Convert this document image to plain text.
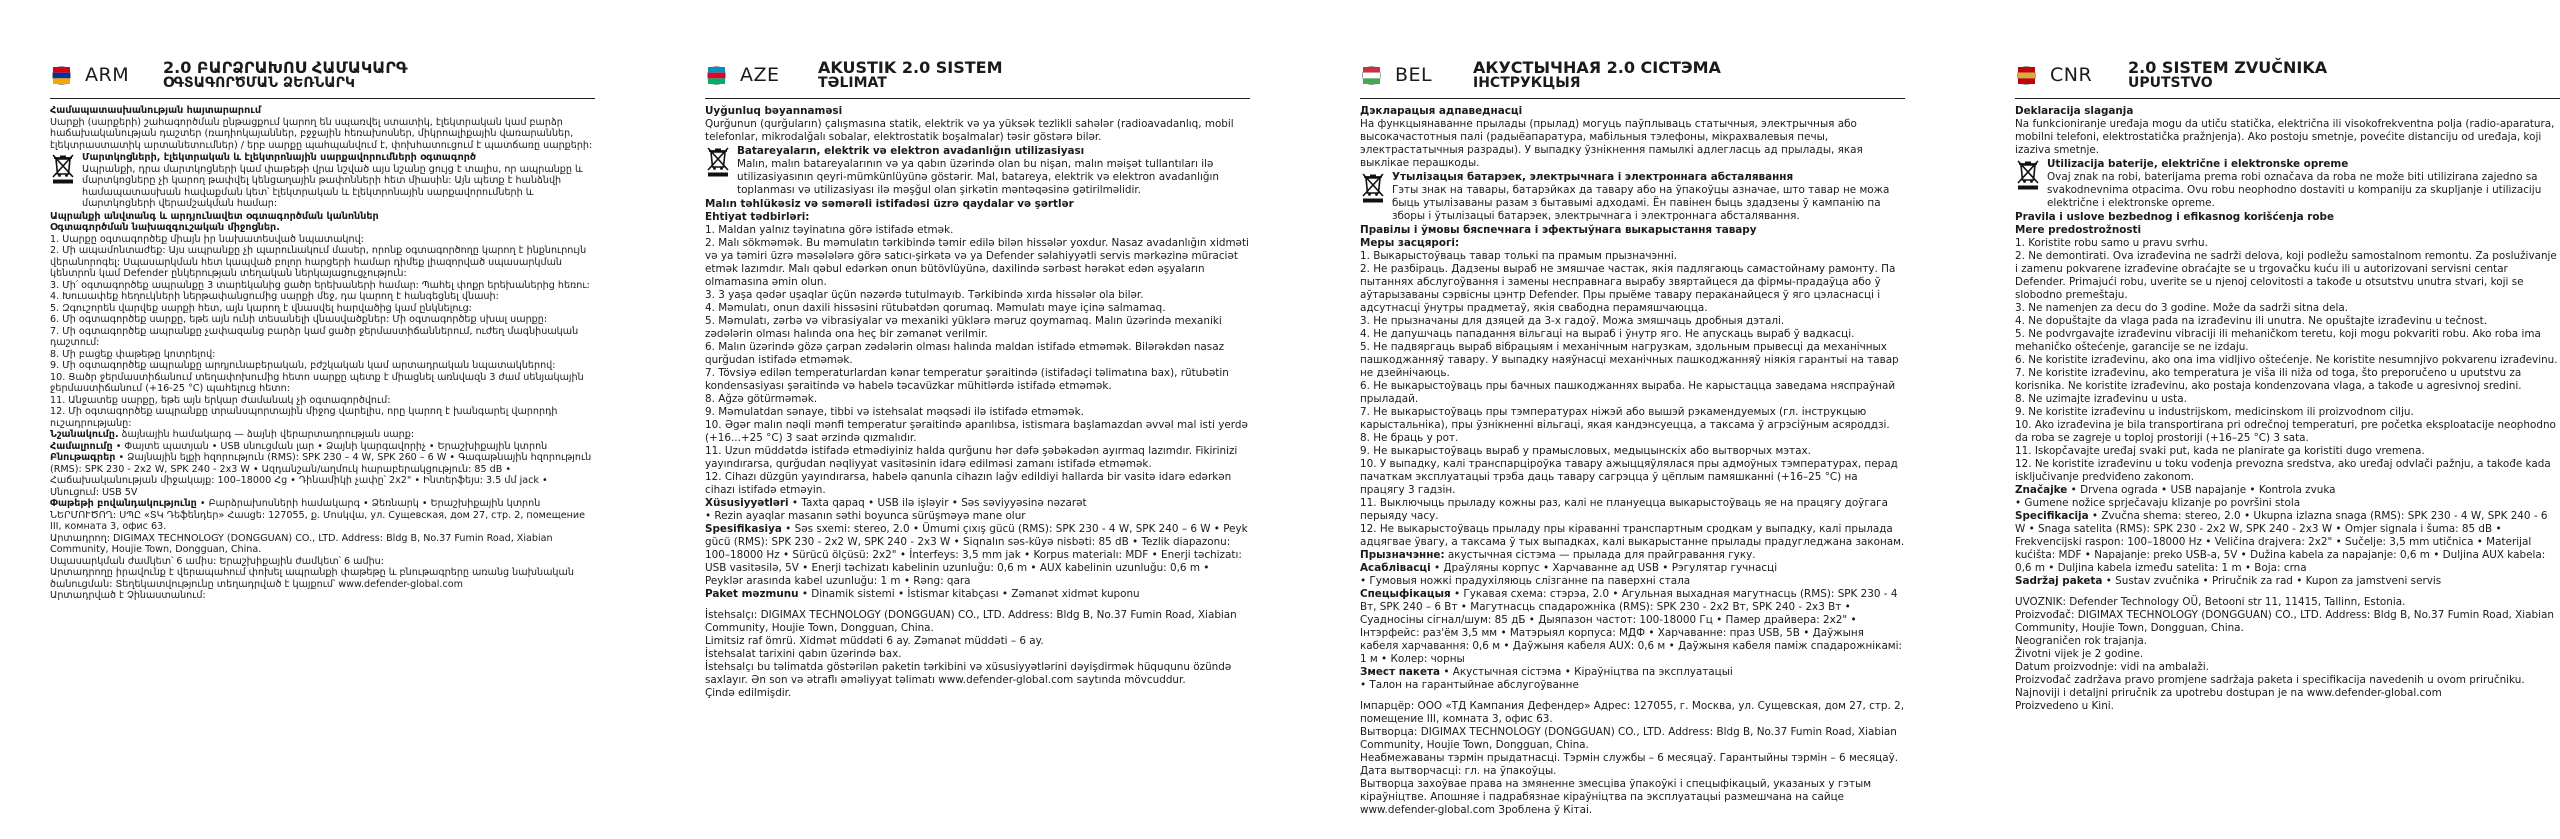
ARM	2.0 ԲԱՐՁՐԱԽՈՍ ՀԱՄԱԿԱՐԳ
ՕԳՏԱԳՈՐԾՄԱՆ ՁԵՌՆԱՐԿ
Համապատասխանության հայտարարում
Սարքի (սարքերի) շահագործման ընթացքում կարող են սպառվել ստատիկ, էլեկտրական կամ բարձր հաճախականության դաշտեր (ռադիոկայաններ, բջջային հեռախոսներ, միկրոալիքային վառարաններ, էլեկտրաստատիկ արտանետումներ) / երբ սարքը պահպանվում է, փոխհատուցում է պատճառը սարքերի:
Մարտկոցների, էլեկտրական և էլեկտրոնային սարքավորումների օգտագործ
Ապրանքի, դրա մարտկոցների կամ փաթեթի վրա նշված այս նշանը ցույց է տալիս, որ ապրանքը և մարտկոցները չի կարող թափվել կենցաղային թափոնների հետ միասին: Այն պետք է հանձնվի համապատասխան հավաքման կետ՝ էլեկտրական և էլեկտրոնային սարքավորումների և մարտկոցների վերամշակման համար:
Ապրանքի անվտանգ և արդյունավետ օգտագործման կանոններ
Օգտագործման նախազգուշական միջոցներ.
1. Սարքը օգտագործեք միայն իր նախատեսված նպատակով:
2. Մի ապամոնտաժեք: Այս ապրանքը չի պարունակում մասեր, որոնք օգտագործողը կարող է ինքնուրույն վերանորոգել: Սպասարկման հետ կապված բոլոր հարցերի համար դիմեք լիազորված սպասարկման կենտրոն կամ Defender ընկերության տեղական ներկայացուցչություն:
3. Մի՛ օգտագործեք ապրանքը 3 տարեկանից ցածր երեխաների համար: Պահել փոքր երեխաներից հեռու:
4. Խուսափեք հեղուկների ներթափանցումից սարքի մեջ, դա կարող է հանգեցնել վնասի:
5. Զգուշորեն վարվեք սարքի հետ, այն կարող է վնասվել հարվածից կամ ընկնելուց:
6. Մի օգտագործեք սարքը, եթե այն ունի տեսանելի վնասվածքներ: Մի օգտագործեք սխալ սարքը:
7. Մի օգտագործեք ապրանքը չափազանց բարձր կամ ցածր ջերմաստիճաններում, ուժեղ մագնիսական դաշտում:
8. Մի բացեք փաթեթը կոտրելով:
9. Մի օգտագործեք ապրանքը արդյունաբերական, բժշկական կամ արտադրական նպատակներով:
10. Ցածր ջերմաստիճանում տեղափոխումից հետո սարքը պետք է միացնել առնվազն 3 ժամ սենյակային ջերմաստիճանում (+16-25 °C) պահելուց հետո:
11. Անջատեք սարքը, եթե այն երկար ժամանակ չի օգտագործվում:
12. Մի օգտագործեք ապրանքը տրանսպորտային միջոց վարելիս, որը կարող է խանգարել վարորդի ուշադրությանը:
Նշանակումը. ձայնային համակարգ — ձայնի վերարտադրության սարք:
Համալրումը • Փայտե պատյան • USB սնուցման լար • Ձայնի կարգավորիչ • Երաշխիքային կտրոն
Բնութագրեր • Ձայնային ելքի հզորություն (RMS): SPK 230 – 4 W, SPK 260 – 6 W • Գագաթնային հզորություն (RMS): SPK 230 - 2x2 W, SPK 240 - 2x3 W • Ազդանշան/աղմուկ հարաբերակցություն: 85 dB • Հաճախականության միջակայք: 100–18000 Հց • Դինամիկի չափը՝ 2x2" • Ինտերֆեյս: 3.5 մմ jack • Սնուցում: USB 5V
Փաթեթի բովանդակությունը • Բարձրախոսների համակարգ • Ձեռնարկ • Երաշխիքային կտրոն
ՆԵՐՄՈՒԾՈՂ: ՍՊԸ «ՏԿ Դեֆենդեր» Հասցե: 127055, ք. Մոսկվա, ул. Сущевская, дом 27, стр. 2, помещение III, комната 3, офис 63.
Արտադրող: DIGIMAX TECHNOLOGY (DONGGUAN) CO., LTD. Address: Bldg B, No.37 Fumin Road, Xiabian Community, Houjie Town, Dongguan, China.
Սպասարկման ժամկետ՝ 6 ամիս: Երաշխիքային ժամկետ՝ 6 ամիս:
Արտադրողը իրավունք է վերապահում փոխել ապրանքի փաթեթը և բնութագրերը առանց նախնական ծանուցման: Տեղեկատվությունը տեղադրված է կայքում՝ www.defender-global.com
Արտադրված է Չինաստանում:
AZE	AKUSTIK 2.0 SISTEM
TƏLIMAT
Uyğunluq bəyannaməsi
Qurğunun (qurğuların) çalışmasına statik, elektrik və ya yüksək tezlikli sahələr (radioavadanlıq, mobil telefonlar, mikrodalğalı sobalar, elektrostatik boşalmalar) təsir göstərə bilər.
Batareyaların, elektrik və elektron avadanlığın utilizasiyası
Malın, malın batareyalarının və ya qabın üzərində olan bu nişan, malın məişət tullantıları ilə utilizasiyasının qeyri-mümkünlüyünə göstərir. Mal, batareya, elektrik və elektron avadanlığın toplanması və utilizasiyası ilə məşğul olan şirkətin məntəqəsinə gətirilməlidir.
Malın təhlükəsiz və səmərəli istifadəsi üzrə qaydalar və şərtlər
Ehtiyat tədbirləri:
1. Maldan yalnız təyinatına görə istifadə etmək.
2. Malı sökməmək. Bu məmulatın tərkibində təmir edilə bilən hissələr yoxdur. Nasaz avadanlığın xidməti və ya təmiri üzrə məsələlərə görə satıcı-şirkətə və ya Defender səlahiyyətli servis mərkəzinə müraciət etmək lazımdır. Malı qəbul edərkən onun bütövlüyünə, daxilində sərbəst hərəkət edən əşyaların olmamasına əmin olun.
3. 3 yaşa qədər uşaqlar üçün nəzərdə tutulmayıb. Tərkibində xırda hissələr ola bilər.
4. Məmulatı, onun daxili hissəsini rütubətdən qorumaq. Məmulatı maye içinə salmamaq.
5. Məmulatı, zərbə və vibrasiyalar və mexaniki yüklərə məruz qoymamaq. Malın üzərində mexaniki zədələrin olması halında ona heç bir zəmanət verilmir.
6. Malın üzərində gözə çarpan zədələrin olması halında maldan istifadə etməmək. Bilərəkdən nasaz qurğudan istifadə etməmək.
7. Tövsiyə edilən temperaturlardan kənar temperatur şəraitində (istifadəçi təlimatına bax), rütubətin kondensasiyası şəraitində və habelə təcavüzkar mühitlərdə istifadə etməmək.
8. Ağzə götürməmək.
9. Məmulatdan sənaye, tibbi və istehsalat məqsədi ilə istifadə etməmək.
10. Əgər malın nəqli mənfi temperatur şəraitində aparılıbsa, istismara başlamazdan əvvəl mal isti yerdə (+16...+25 °C) 3 saat ərzində qızmalıdır.
11. Uzun müddətdə istifadə etmədiyiniz halda qurğunu hər dəfə şəbəkədən ayırmaq lazımdır. Fikirinizi yayındırarsa, qurğudan nəqliyyat vasitəsinin idarə edilməsi zamanı istifadə etməmək.
12. Cihazı düzgün yayındırarsa, habelə qanunla cihazın lağv edildiyi hallarda bir vasitə idarə edərkən cihazı istifadə etməyin.
Xüsusiyyətləri • Taxta qapaq • USB ilə işləyir • Səs səviyyəsinə nəzarət
• Rezin ayaqlar masanın səthi boyunca sürüşməyə mane olur
Spesifikasiya • Səs sxemi: stereo, 2.0 • Ümumi çıxış gücü (RMS): SPK 230 - 4 W, SPK 240 – 6 W • Peyk gücü (RMS): SPK 230 - 2x2 W, SPK 240 - 2x3 W • Siqnalın səs-küyə nisbəti: 85 dB • Tezlik diapazonu: 100–18000 Hz • Sürücü ölçüsü: 2x2" • İnterfeys: 3,5 mm jak • Korpus materialı: MDF • Enerji təchizatı: USB vasitəsilə, 5V • Enerji təchizatı kabelinin uzunluğu: 0,6 m • AUX kabelinin uzunluğu: 0,6 m • Peyklər arasında kabel uzunluğu: 1 m • Rəng: qara
Paket məzmunu • Dinamik sistemi • İstismar kitabçası • Zəmanət xidmət kuponu
İstehsalçı: DIGIMAX TECHNOLOGY (DONGGUAN) CO., LTD. Address: Bldg B, No.37 Fumin Road, Xiabian Community, Houjie Town, Dongguan, China.
Limitsiz raf ömrü. Xidmət müddəti 6 ay. Zəmanət müddəti – 6 ay.
İstehsalat tarixini qabın üzərində bax.
İstehsalçı bu təlimatda göstərilən paketin tərkibini və xüsusiyyətlərini dəyişdirmək hüququnu özündə saxlayır. Ən son və ətraflı əməliyyat təlimatı www.defender-global.com saytında mövcuddur.
Çində edilmişdir.
BEL	АКУСТЫЧНАЯ 2.0 СІСТЭМА
ІНСТРУКЦЫЯ
Дэкларацыя адпаведнасці
На функцыянаванне прылады (прылад) могуць паўплываць статычныя, электрычныя або высокачастотныя палі (радыёапаратура, мабільныя тэлефоны, мікрахвалевыя печы, электрастатычныя разрады). У выпадку ўзнікнення памылкі адлегласць ад прылады, якая выклікае перашкоды.
Утылізацыя батарэек, электрычнага і электроннага абсталявання
Гэты знак на тавары, батарэйках да тавару або на ўпакоўцы азначае, што тавар не можа быць утылізаваны разам з бытавымі адходамі. Ён павінен быць здадзены ў кампанію па зборы і ўтылізацыі батарэек, электрычнага і электроннага абсталявання.
Правілы і ўмовы бяспечнага і эфектыўнага выкарыстання тавару
Меры засцярогі:
1. Выкарыстоўваць тавар толькі па прамым прызначэнні.
2. Не разбіраць. Дадзены выраб не змяшчае частак, якія падлягаюць самастойнаму рамонту. Па пытаннях абслугоўвання і замены несправнага вырабу звяртайцеся да фірмы-прадаўца або ў аўтарызаваны сэрвісны цэнтр Defender. Пры прыёме тавару пераканайцеся ў яго цэласнасці і адсутнасці ўнутры прадметаў, якія свабодна перамяшчаюцца.
3. Не прызначаны для дзяцей да 3-х гадоў. Можа змяшчаць дробныя дэталі.
4. Не дапушчаць пападання вільгаці на выраб і ўнутр яго. Не апускаць выраб ў вадкасці.
5. Не падвяргаць выраб вібрацыям і механічным нагрузкам, здольным прывесці да механічных пашкоджанняў тавару. У выпадку наяўнасці механічных пашкоджанняў ніякія гарантыі на тавар не дзейнічаюць.
6. Не выкарыстоўваць пры бачных пашкоджаннях выраба. Не карыстацца заведама няспраўнай прыладай.
7. Не выкарыстоўваць пры тэмпературах ніжэй або вышэй рэкамендуемых (гл. інструкцыю карыстальніка), пры ўзнікненні вільгаці, якая кандэнсуецца, а таксама ў агрэсіўным асяроддзі.
8. Не браць у рот.
9. Не выкарыстоўваць выраб у прамысловых, медыцынскіх або вытворчых мэтах.
10. У выпадку, калі транспарціроўка тавару ажыццяўлялася пры адмоўных тэмпературах, перад пачаткам эксплуатацыі трэба даць тавару сагрэцца ў цёплым памяшканні (+16–25 °C) на працягу 3 гадзін.
11. Выключыць прыладу кожны раз, калі не плануецца выкарыстоўваць яе на працягу доўгага перыяду часу.
12. Не выкарыстоўваць прыладу пры кіраванні транспартным сродкам у выпадку, калі прылада адцягвае ўвагу, а таксама ў тых выпадках, калі выкарыстанне прылады прадугледжана законам.
Прызначэнне: акустычная сістэма — прылада для прайгравання гуку.
Асаблівасці • Драўляны корпус • Харчаванне ад USB • Рэгулятар гучнасці
• Гумовыя ножкі прадухіляюць слізганне па паверхні стала
Спецыфікацыя • Гукавая схема: стэрэа, 2.0 • Агульная выхадная магутнасць (RMS): SPK 230 - 4 Вт, SPK 240 – 6 Вт • Магутнасць спадарожніка (RMS): SPK 230 - 2x2 Вт, SPK 240 - 2x3 Вт • Суадносіны сігнал/шум: 85 дБ • Дыяпазон частот: 100-18000 Гц • Памер драйвера: 2x2" • Інтэрфейс: раз'ём 3,5 мм • Матэрыял корпуса: МДФ • Харчаванне: праз USB, 5В • Даўжыня кабеля харчавання: 0,6 м • Даўжыня кабеля AUX: 0,6 м • Даўжыня кабеля паміж спадарожнікамі: 1 м • Колер: чорны
Змест пакета • Акустычная сістэма • Кіраўніцтва па эксплуатацыі
• Талон на гарантыйнае абслугоўванне
Імпарцёр: ООО «ТД Кампания Дефендер» Адрес: 127055, г. Москва, ул. Сущевская, дом 27, стр. 2, помещение III, комната 3, офис 63.
Вытворца: DIGIMAX TECHNOLOGY (DONGGUAN) CO., LTD. Address: Bldg B, No.37 Fumin Road, Xiabian Community, Houjie Town, Dongguan, China.
Неабмежаваны тэрмін прыдатнасці. Тэрмін службы – 6 месяцаў. Гарантыйны тэрмін – 6 месяцаў. Дата вытворчасці: гл. на ўпакоўцы.
Вытворца захоўвае права на змяненне змесціва ўпакоўкі і спецыфікацый, указаных у гэтым кіраўніцтве. Апошняе і падрабязнае кіраўніцтва па эксплуатацыі размешчана на сайце www.defender-global.com Зроблена ў Кітаі.
CNR	2.0 SISTEM ZVUČNIKA
UPUTSTVO
Deklaracija slaganja
Na funkcioniranje uređaja mogu da utiču statička, električna ili visokofrekventna polja (radio-aparatura, mobilni telefoni, elektrostatička pražnjenja). Ako postoju smetnje, povećite distanciju od uređaja, koji izaziva smetnje.
Utilizacija baterije, električne i elektronske opreme
Ovaj znak na robi, baterijama prema robi označava da roba ne može biti utilizirana zajedno sa svakodnevnima otpacima. Ovu robu neophodno dostaviti u kompaniju za skupljanje i utilizaciju električne i elektronske opreme.
Pravila i uslove bezbednog i efikasnog korišćenja robe
Mere predostrožnosti
1. Koristite robu samo u pravu svrhu.
2. Ne demontirati. Ova izrađevina ne sadrži delova, koji podležu samostalnom remontu. Za posluživanje i zamenu pokvarene izrađevine obraćajte se u trgovačku kuću ili u autorizovani servisni centar Defender. Primajući robu, uverite se u njenoj celovitosti a takođe u otsutstvu unutra stvari, koji se slobodno premeštaju.
3. Ne namenjen za decu do 3 godine. Može da sadrži sitna dela.
4. Ne dopuštajte da vlaga pada na izrađevinu ili unutra. Ne opuštajte izrađevinu u tečnost.
5. Ne podvrgavajte izrađevinu vibraciji ili mehaničkom teretu, koji mogu pokvariti robu. Ako roba ima mehaničko oštećenje, garancije se ne izdaju.
6. Ne koristite izrađevinu, ako ona ima vidljivo oštećenje. Ne koristite nesumnjivo pokvarenu izrađevinu.
7. Ne koristite izrađevinu, ako temperatura je viša ili niža od toga, što preporučeno u uputstvu za korisnika. Ne koristite izrađevinu, ako postaja kondenzovana vlaga, a takođe u agresivnoj sredini.
8. Ne uzimajte izrađevinu u usta.
9. Ne koristite izrađevinu u industrijskom, medicinskom ili proizvodnom cilju.
10. Ako izrađevina je bila transportirana pri odrečnoj temperaturi, pre početka eksploatacije neophodno da roba se zagreje u toploj prostoriji (+16–25 °C) 3 sata.
11. Iskopčavajte uređaj svaki put, kada ne planirate ga koristiti dugo vremena.
12. Ne koristite izrađevinu u toku vođenja prevozna sredstva, ako uređaj odvlači pažnju, a takođe kada isključivanje predviđeno zakonom.
Značajke • Drvena ograda • USB napajanje • Kontrola zvuka
• Gumene nožice sprječavaju klizanje po površini stola
Specifikacija • Zvučna shema: stereo, 2.0 • Ukupna izlazna snaga (RMS): SPK 230 - 4 W, SPK 240 - 6 W • Snaga satelita (RMS): SPK 230 - 2x2 W, SPK 240 - 2x3 W • Omjer signala i šuma: 85 dB • Frekvencijski raspon: 100–18000 Hz • Veličina drajvera: 2x2" • Sučelje: 3,5 mm utičnica • Materijal kućišta: MDF • Napajanje: preko USB-a, 5V • Dužina kabela za napajanje: 0,6 m • Duljina AUX kabela: 0,6 m • Duljina kabela između satelita: 1 m • Boja: crna
Sadržaj paketa • Sustav zvučnika • Priručnik za rad • Kupon za jamstveni servis
UVOZNIK: Defender Technology OÜ, Betooni str 11, 11415, Tallinn, Estonia.
Proizvođač: DIGIMAX TECHNOLOGY (DONGGUAN) CO., LTD. Address: Bldg B, No.37 Fumin Road, Xiabian Community, Houjie Town, Dongguan, China.
Neograničen rok trajanja.
Životni vijek je 2 godine.
Datum proizvodnje: vidi na ambalaži.
Proizvođač zadržava pravo promjene sadržaja paketa i specifikacija navedenih u ovom priručniku. Najnoviji i detaljni priručnik za upotrebu dostupan je na www.defender-global.com
Proizvedeno u Kini.
